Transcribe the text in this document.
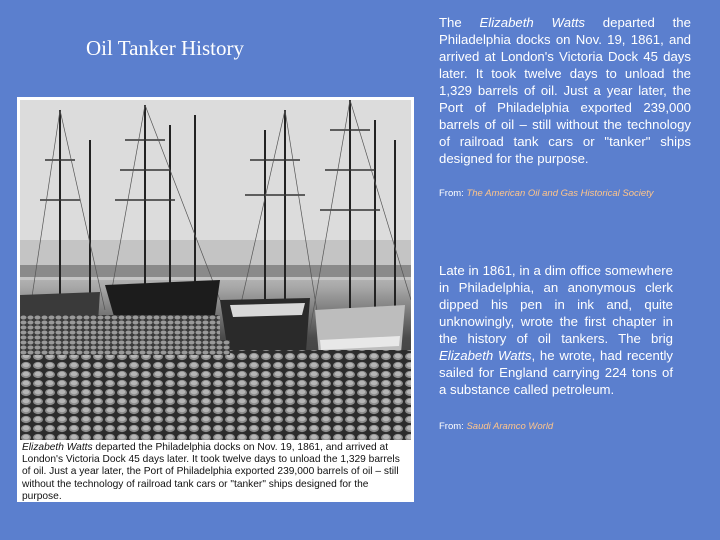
Oil Tanker History
Elizabeth Watts departed the Philadelphia docks on Nov. 19, 1861, and arrived at London's Victoria Dock 45 days later. It took twelve days to unload the 1,329 barrels of oil. Just a year later, the Port of Philadelphia exported 239,000 barrels of oil – still without the technology of railroad tank cars or "tanker" ships designed for the purpose.
The Elizabeth Watts departed the Philadelphia docks on Nov. 19, 1861, and arrived at London's Victoria Dock 45 days later. It took twelve days to unload the 1,329 barrels of oil. Just a year later, the Port of Philadelphia exported 239,000 barrels of oil – still without the technology of railroad tank cars or "tanker" ships designed for the purpose.
From: The American Oil and Gas Historical Society
Late in 1861, in a dim office somewhere in Philadelphia, an anonymous clerk dipped his pen in ink and, quite unknowingly, wrote the first chapter in the history of oil tankers. The brig Elizabeth Watts, he wrote, had recently sailed for England carrying 224 tons of a substance called petroleum.
From: Saudi Aramco World
